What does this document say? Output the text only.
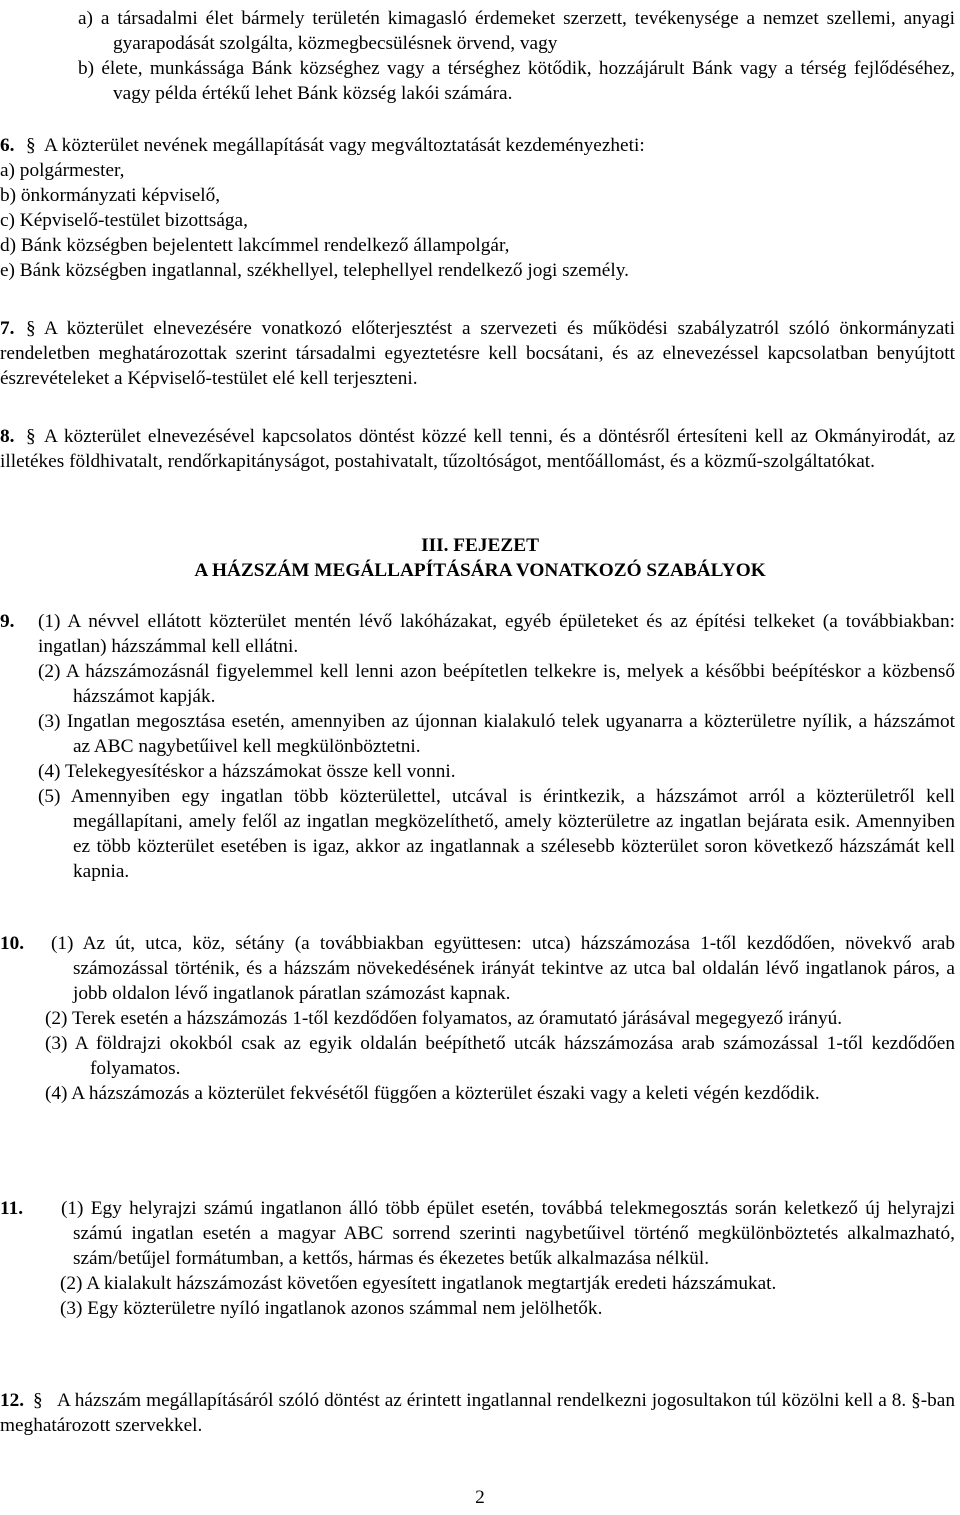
a) a társadalmi élet bármely területén kimagasló érdemeket szerzett, tevékenysége a nemzet szellemi, anyagi gyarapodását szolgálta, közmegbecsülésnek örvend, vagy

b) élete, munkássága Bánk községhez vagy a térséghez kötődik, hozzájárult Bánk vagy a térség fejlődéséhez, vagy példa értékű lehet Bánk község lakói számára.

6. § A közterület nevének megállapítását vagy megváltoztatását kezdeményezheti:

a) polgármester,

b) önkormányzati képviselő,

c) Képviselő-testület bizottsága,

d) Bánk községben bejelentett lakcímmel rendelkező állampolgár,

e) Bánk községben ingatlannal, székhellyel, telephellyel rendelkező jogi személy.

7. § A közterület elnevezésére vonatkozó előterjesztést a szervezeti és működési szabályzatról szóló önkormányzati rendeletben meghatározottak szerint társadalmi egyeztetésre kell bocsátani, és az elnevezéssel kapcsolatban benyújtott észrevételeket a Képviselő-testület elé kell terjeszteni.

8. § A közterület elnevezésével kapcsolatos döntést közzé kell tenni, és a döntésről értesíteni kell az Okmányirodát, az illetékes földhivatalt, rendőrkapitányságot, postahivatalt, tűzoltóságot, mentőállomást, és a közmű-szolgáltatókat.

III. FEJEZET
A HÁZSZÁM MEGÁLLAPÍTÁSÁRA VONATKOZÓ SZABÁLYOK

9. (1) A névvel ellátott közterület mentén lévő lakóházakat, egyéb épületeket és az építési telkeket (a továbbiakban: ingatlan) házszámmal kell ellátni.

(2) A házszámozásnál figyelemmel kell lenni azon beépítetlen telkekre is, melyek a későbbi beépítéskor a közbenső házszámot kapják.

(3) Ingatlan megosztása esetén, amennyiben az újonnan kialakuló telek ugyanarra a közterületre nyílik, a házszámot az ABC nagybetűivel kell megkülönböztetni.

(4) Telekegyesítéskor a házszámokat össze kell vonni.

(5) Amennyiben egy ingatlan több közterülettel, utcával is érintkezik, a házszámot arról a közterületről kell megállapítani, amely felől az ingatlan megközelíthető, amely közterületre az ingatlan bejárata esik. Amennyiben ez több közterület esetében is igaz, akkor az ingatlannak a szélesebb közterület soron következő házszámát kell kapnia.

10. (1) Az út, utca, köz, sétány (a továbbiakban együttesen: utca) házszámozása 1-től kezdődően, növekvő arab számozással történik, és a házszám növekedésének irányát tekintve az utca bal oldalán lévő ingatlanok páros, a jobb oldalon lévő ingatlanok páratlan számozást kapnak.

(2) Terek esetén a házszámozás 1-től kezdődően folyamatos, az óramutató járásával megegyező irányú.

(3) A földrajzi okokból csak az egyik oldalán beépíthető utcák házszámozása arab számozással 1-től kezdődően folyamatos.

(4) A házszámozás a közterület fekvésétől függően a közterület északi vagy a keleti végén kezdődik.

11. (1) Egy helyrajzi számú ingatlanon álló több épület esetén, továbbá telekmegosztás során keletkező új helyrajzi számú ingatlan esetén a magyar ABC sorrend szerinti nagybetűivel történő megkülönböztetés alkalmazható, szám/betűjel formátumban, a kettős, hármas és ékezetes betűk alkalmazása nélkül.

(2) A kialakult házszámozást követően egyesített ingatlanok megtartják eredeti házszámukat.

(3) Egy közterületre nyíló ingatlanok azonos számmal nem jelölhetők.

12. § A házszám megállapításáról szóló döntést az érintett ingatlannal rendelkezni jogosultakon túl közölni kell a 8. §-ban meghatározott szervekkel.

2
